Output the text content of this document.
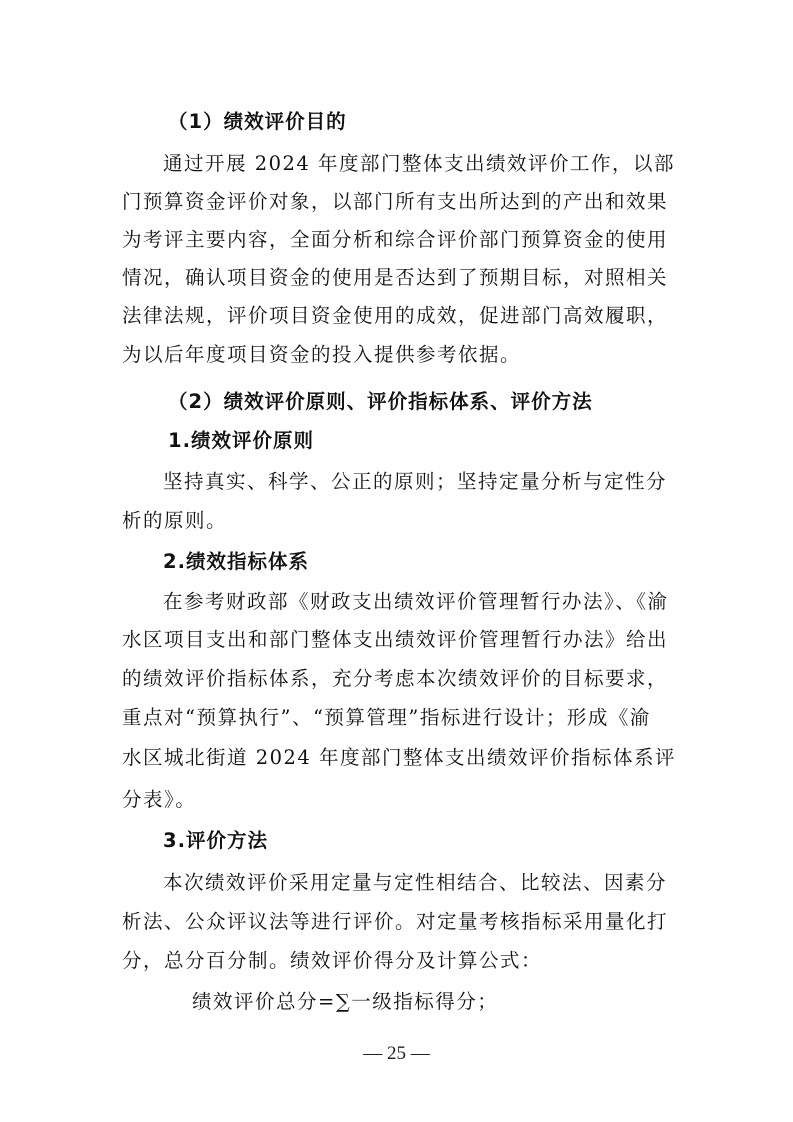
（1）绩效评价目的
通过开展 2024 年度部门整体支出绩效评价工作，以部
门预算资金评价对象，以部门所有支出所达到的产出和效果
为考评主要内容，全面分析和综合评价部门预算资金的使用
情况，确认项目资金的使用是否达到了预期目标，对照相关
法律法规，评价项目资金使用的成效，促进部门高效履职，
为以后年度项目资金的投入提供参考依据。
（2）绩效评价原则、评价指标体系、评价方法
1.绩效评价原则
坚持真实、科学、公正的原则；坚持定量分析与定性分
析的原则。
2.绩效指标体系
在参考财政部《财政支出绩效评价管理暂行办法》、《渝
水区项目支出和部门整体支出绩效评价管理暂行办法》给出
的绩效评价指标体系，充分考虑本次绩效评价的目标要求，
重点对“预算执行”、“预算管理”指标进行设计；形成《渝
水区城北街道 2024 年度部门整体支出绩效评价指标体系评
分表》。
3.评价方法
本次绩效评价采用定量与定性相结合、比较法、因素分
析法、公众评议法等进行评价。对定量考核指标采用量化打
分，总分百分制。绩效评价得分及计算公式：
绩效评价总分=∑一级指标得分；
— 25 —
